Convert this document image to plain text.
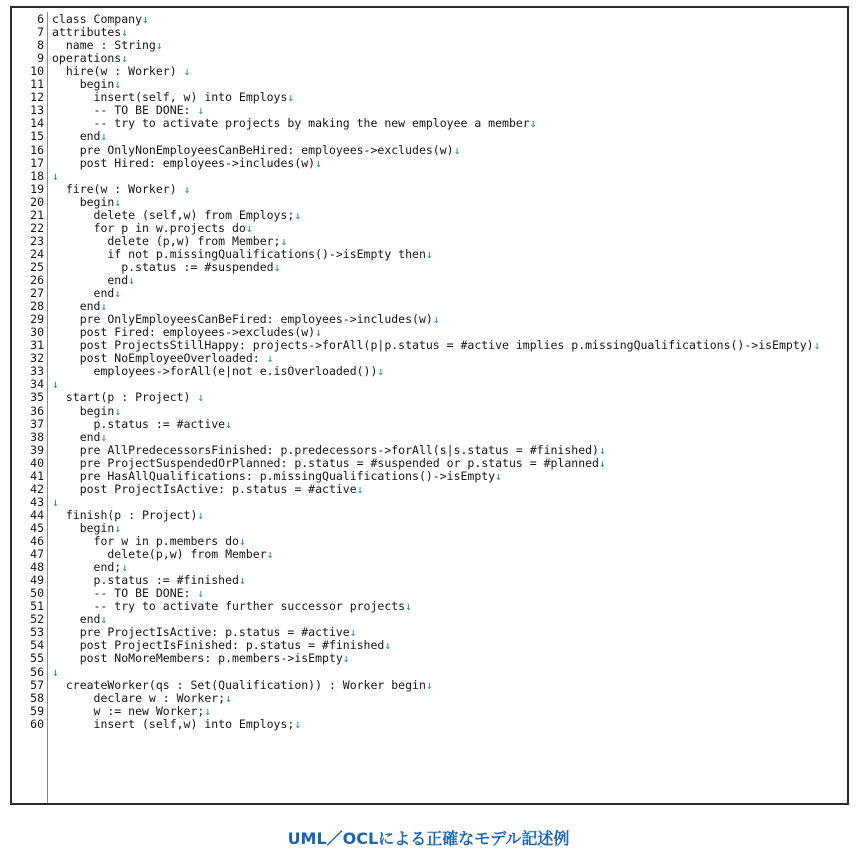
6 class Company↓
7 attributes↓
8 name : String↓
9 operations↓
10 hire(w : Worker) ↓
11 begin↓
12 insert(self, w) into Employs↓
13 -- TO BE DONE: ↓
14 -- try to activate projects by making the new employee a member↓
15 end↓
16 pre OnlyNonEmployeesCanBeHired: employees->excludes(w)↓
17 post Hired: employees->includes(w)↓
18 ↓
19 fire(w : Worker) ↓
20 begin↓
21 delete (self,w) from Employs;↓
22 for p in w.projects do↓
23 delete (p,w) from Member;↓
24 if not p.missingQualifications()->isEmpty then↓
25 p.status := #suspended↓
26 end↓
27 end↓
28 end↓
29 pre OnlyEmployeesCanBeFired: employees->includes(w)↓
30 post Fired: employees->excludes(w)↓
31 post ProjectsStillHappy: projects->forAll(p|p.status = #active implies p.missingQualifications()->isEmpty)↓
32 post NoEmployeeOverloaded: ↓
33 employees->forAll(e|not e.isOverloaded())↓
34 ↓
35 start(p : Project) ↓
36 begin↓
37 p.status := #active↓
38 end↓
39 pre AllPredecessorsFinished: p.predecessors->forAll(s|s.status = #finished)↓
40 pre ProjectSuspendedOrPlanned: p.status = #suspended or p.status = #planned↓
41 pre HasAllQualifications: p.missingQualifications()->isEmpty↓
42 post ProjectIsActive: p.status = #active↓
43 ↓
44 finish(p : Project)↓
45 begin↓
46 for w in p.members do↓
47 delete(p,w) from Member↓
48 end;↓
49 p.status := #finished↓
50 -- TO BE DONE: ↓
51 -- try to activate further successor projects↓
52 end↓
53 pre ProjectIsActive: p.status = #active↓
54 post ProjectIsFinished: p.status = #finished↓
55 post NoMoreMembers: p.members->isEmpty↓
56 ↓
57 createWorker(qs : Set(Qualification)) : Worker begin↓
58 declare w : Worker;↓
59 w := new Worker;↓
60 insert (self,w) into Employs;↓
UML／OCLによる正確なモデル記述例
